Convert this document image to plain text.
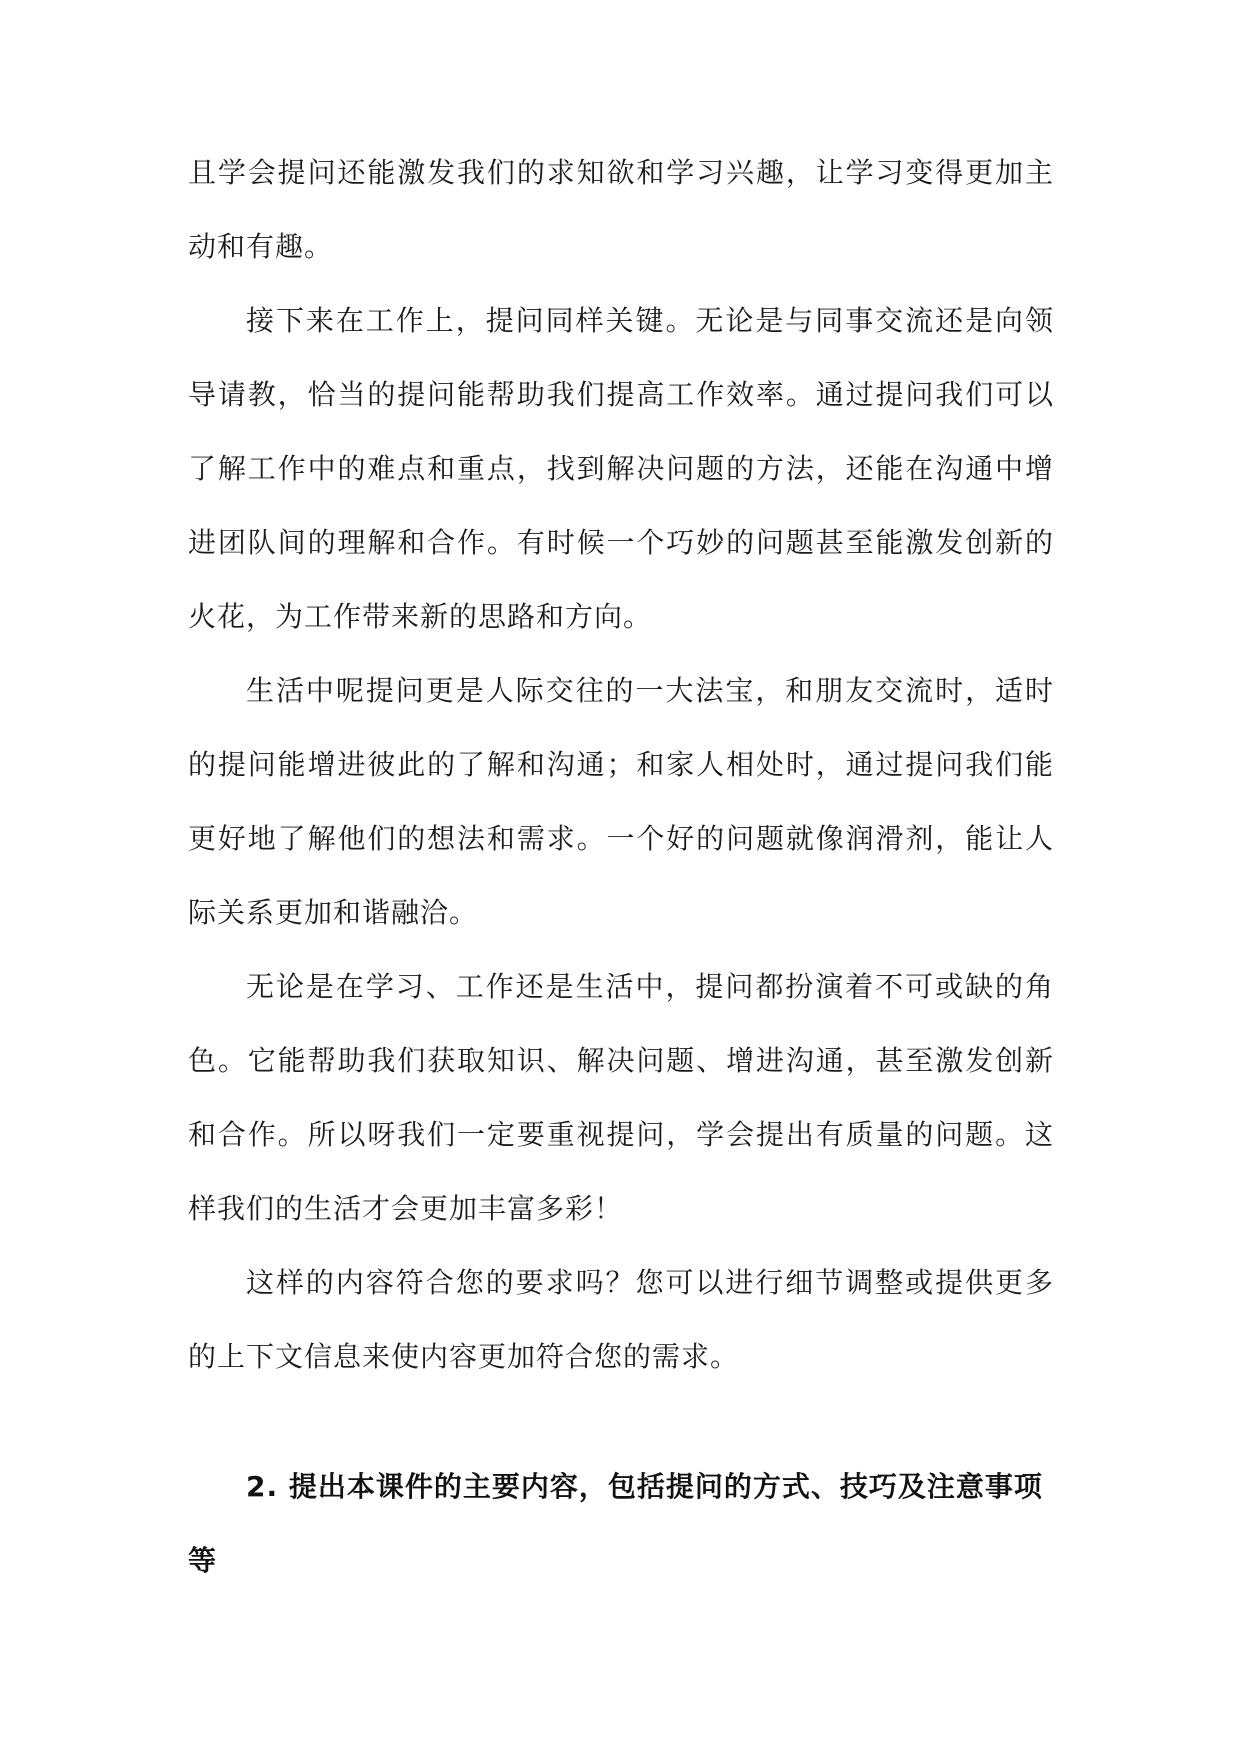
且学会提问还能激发我们的求知欲和学习兴趣，让学习变得更加主动和有趣。

接下来在工作上，提问同样关键。无论是与同事交流还是向领导请教，恰当的提问能帮助我们提高工作效率。通过提问我们可以了解工作中的难点和重点，找到解决问题的方法，还能在沟通中增进团队间的理解和合作。有时候一个巧妙的问题甚至能激发创新的火花，为工作带来新的思路和方向。

生活中呢提问更是人际交往的一大法宝，和朋友交流时，适时的提问能增进彼此的了解和沟通；和家人相处时，通过提问我们能更好地了解他们的想法和需求。一个好的问题就像润滑剂，能让人际关系更加和谐融洽。

无论是在学习、工作还是生活中，提问都扮演着不可或缺的角色。它能帮助我们获取知识、解决问题、增进沟通，甚至激发创新和合作。所以呀我们一定要重视提问，学会提出有质量的问题。这样我们的生活才会更加丰富多彩！

这样的内容符合您的要求吗？您可以进行细节调整或提供更多的上下文信息来使内容更加符合您的需求。

2. 提出本课件的主要内容，包括提问的方式、技巧及注意事项等
